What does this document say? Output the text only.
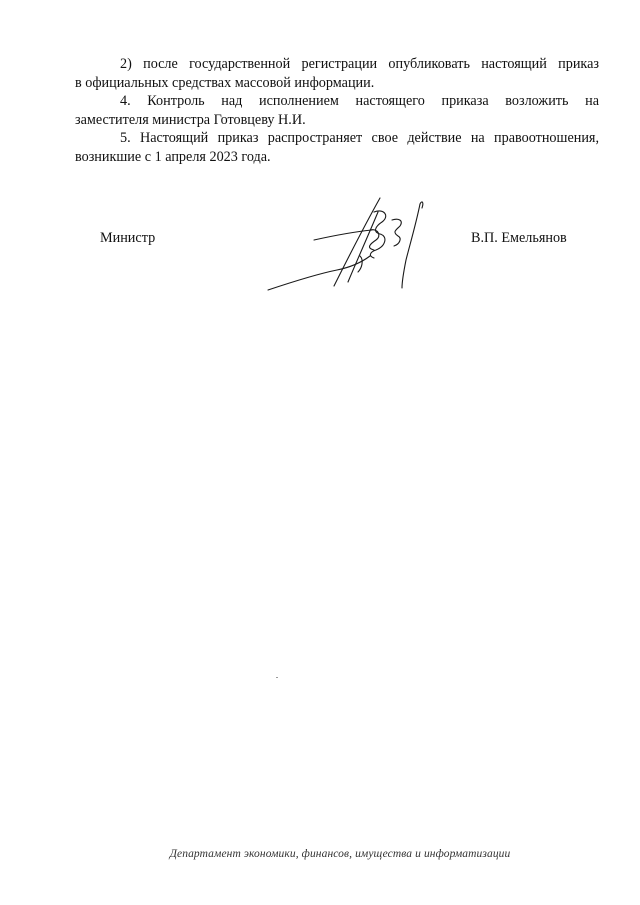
2) после государственной регистрации опубликовать настоящий приказ
в официальных средствах массовой информации.

4. Контроль над исполнением настоящего приказа возложить на
заместителя министра Готовцеву Н.И.

5. Настоящий приказ распространяет свое действие на правоотношения,
возникшие с 1 апреля 2023 года.

Министр	В.П. Емельянов
Департамент экономики, финансов, имущества и информатизации
